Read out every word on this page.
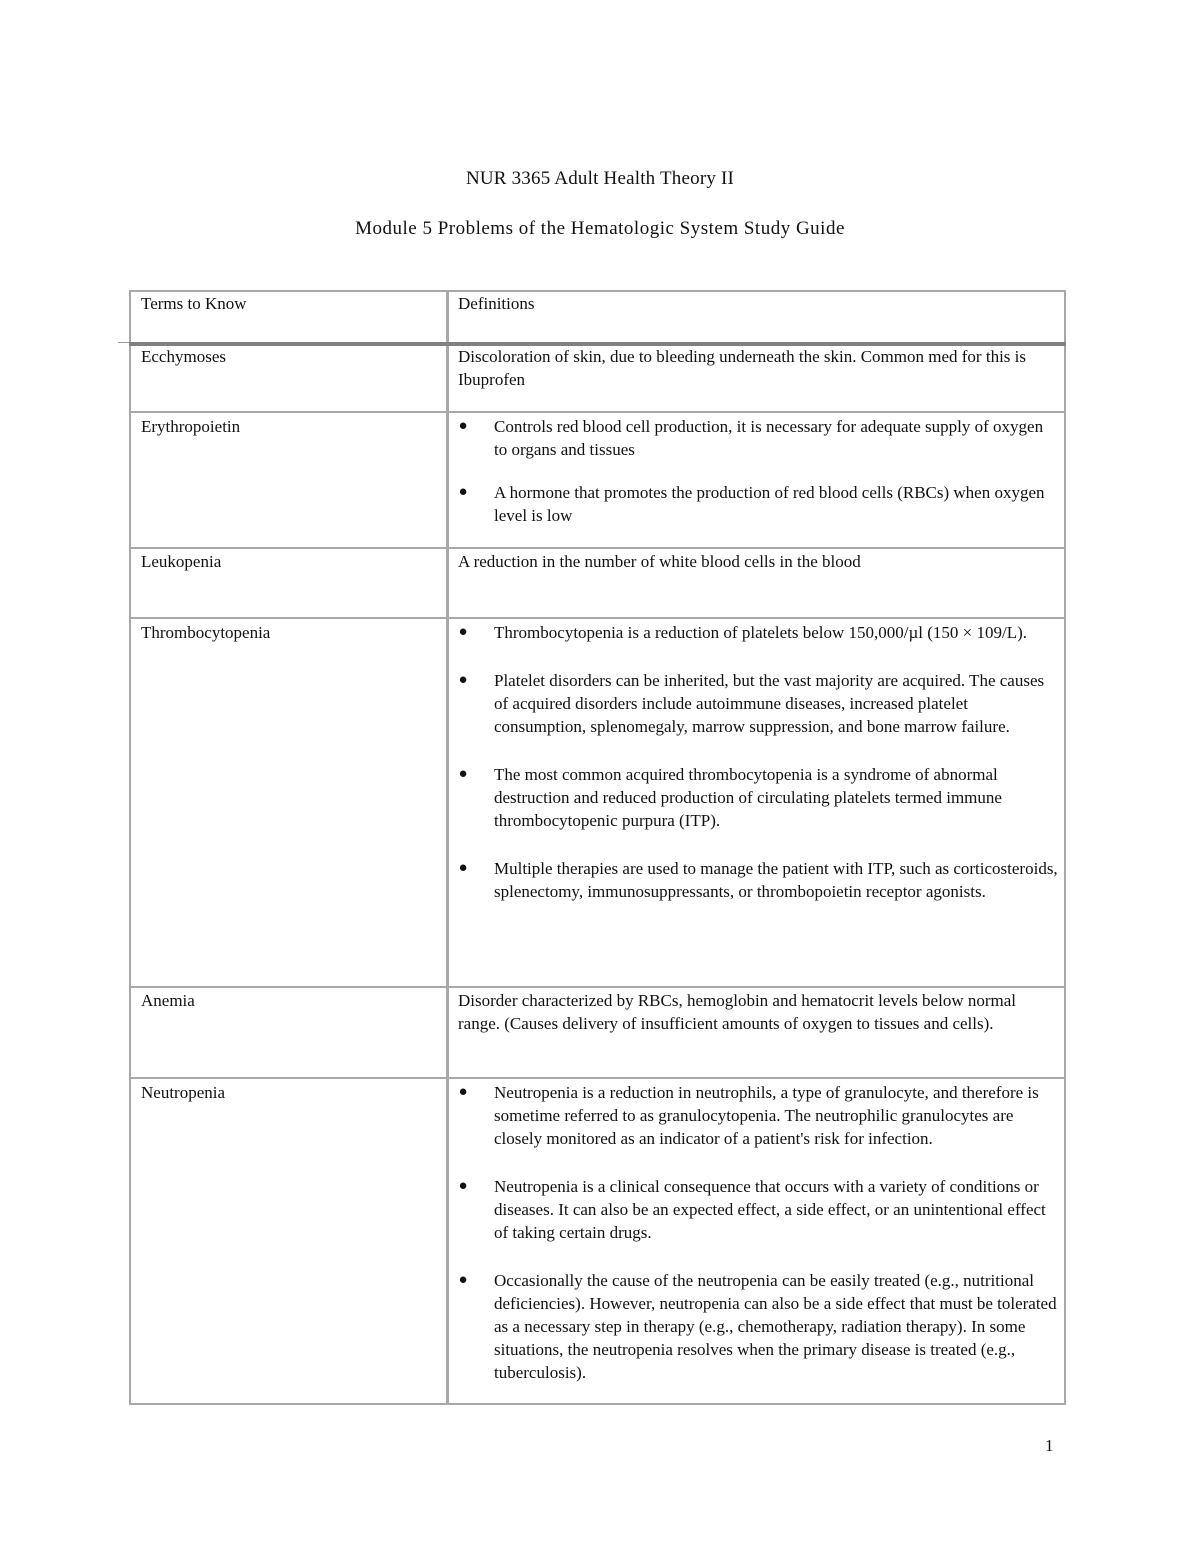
NUR 3365 Adult Health Theory II
Module 5 Problems of the Hematologic System Study Guide
Terms to Know	Definitions
Ecchymoses	Discoloration of skin, due to bleeding underneath the skin. Common med for this is Ibuprofen
Erythropoietin	● Controls red blood cell production, it is necessary for adequate supply of oxygen to organs and tissues
● A hormone that promotes the production of red blood cells (RBCs) when oxygen level is low
Leukopenia	A reduction in the number of white blood cells in the blood
Thrombocytopenia	● Thrombocytopenia is a reduction of platelets below 150,000/µl (150 × 109/L).
● Platelet disorders can be inherited, but the vast majority are acquired. The causes of acquired disorders include autoimmune diseases, increased platelet consumption, splenomegaly, marrow suppression, and bone marrow failure.
● The most common acquired thrombocytopenia is a syndrome of abnormal destruction and reduced production of circulating platelets termed immune thrombocytopenic purpura (ITP).
● Multiple therapies are used to manage the patient with ITP, such as corticosteroids, splenectomy, immunosuppressants, or thrombopoietin receptor agonists.
Anemia	Disorder characterized by RBCs, hemoglobin and hematocrit levels below normal range. (Causes delivery of insufficient amounts of oxygen to tissues and cells).
Neutropenia	● Neutropenia is a reduction in neutrophils, a type of granulocyte, and therefore is sometime referred to as granulocytopenia. The neutrophilic granulocytes are closely monitored as an indicator of a patient's risk for infection.
● Neutropenia is a clinical consequence that occurs with a variety of conditions or diseases. It can also be an expected effect, a side effect, or an unintentional effect of taking certain drugs.
● Occasionally the cause of the neutropenia can be easily treated (e.g., nutritional deficiencies). However, neutropenia can also be a side effect that must be tolerated as a necessary step in therapy (e.g., chemotherapy, radiation therapy). In some situations, the neutropenia resolves when the primary disease is treated (e.g., tuberculosis).
1
